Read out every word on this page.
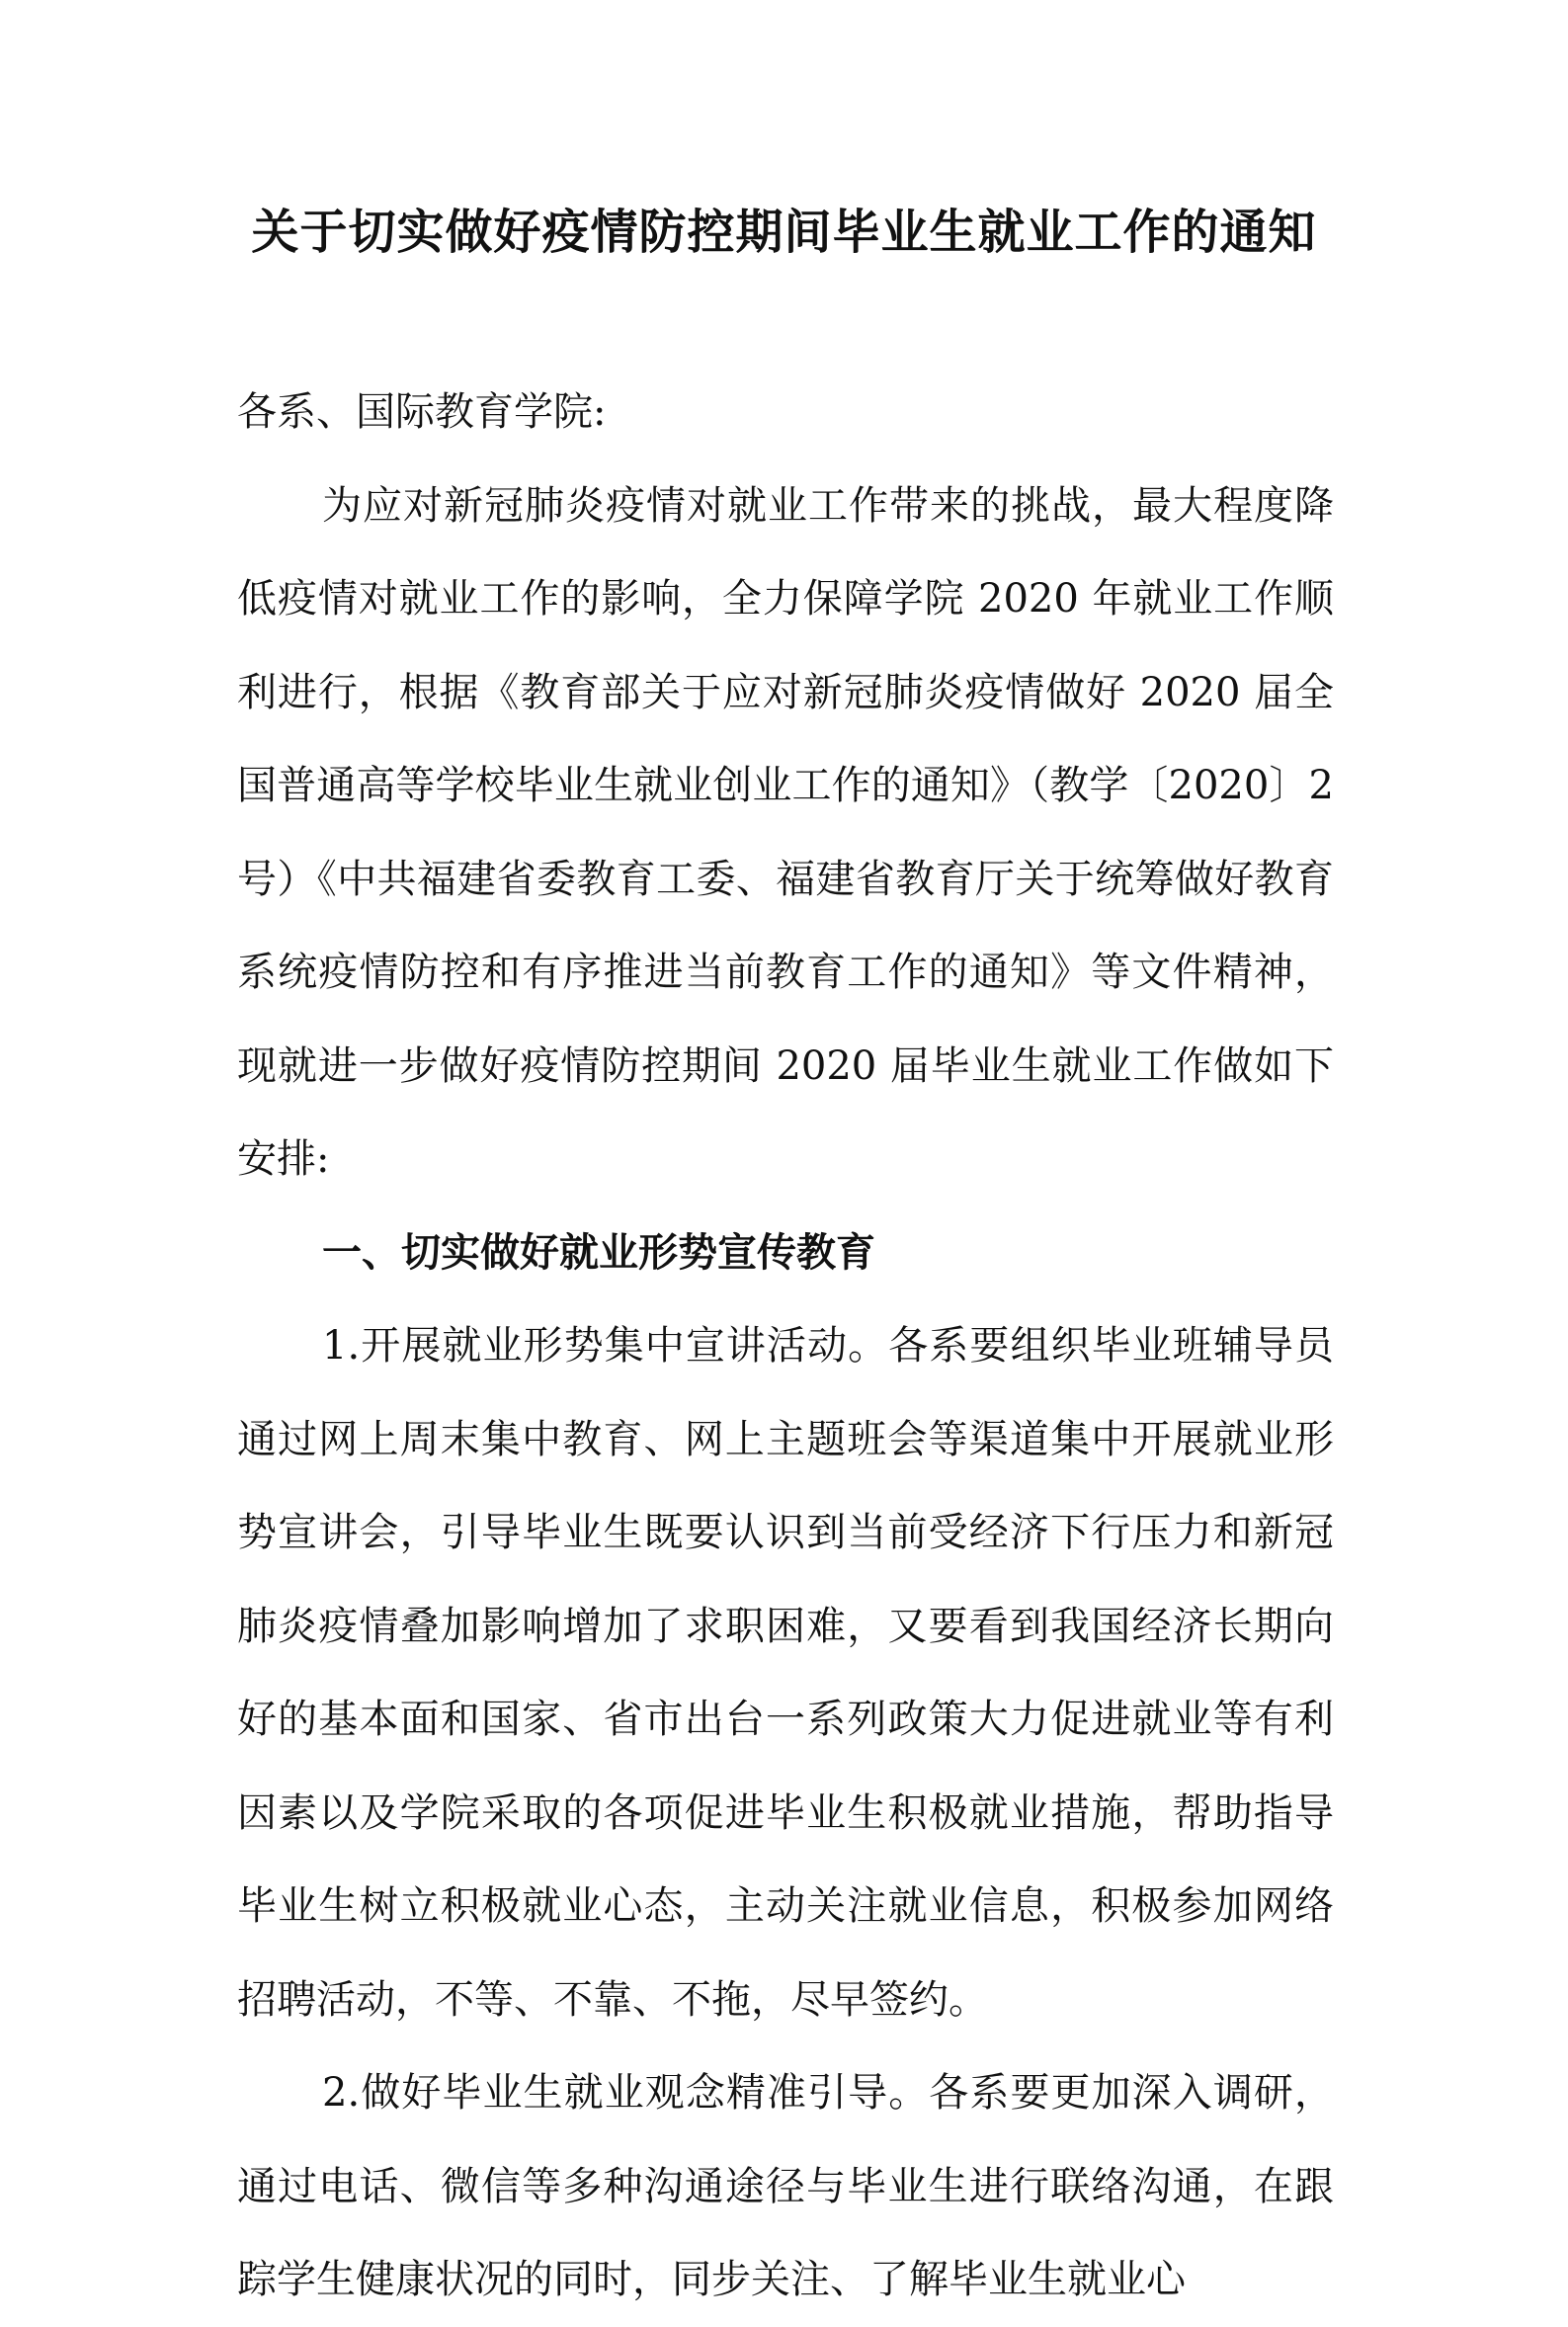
关于切实做好疫情防控期间毕业生就业工作的通知

各系、国际教育学院:

为应对新冠肺炎疫情对就业工作带来的挑战，最大程度降低疫情对就业工作的影响，全力保障学院 2020 年就业工作顺利进行，根据《教育部关于应对新冠肺炎疫情做好 2020 届全国普通高等学校毕业生就业创业工作的通知》（教学〔2020〕2 号）《中共福建省委教育工委、福建省教育厅关于统筹做好教育系统疫情防控和有序推进当前教育工作的通知》等文件精神，现就进一步做好疫情防控期间 2020 届毕业生就业工作做如下安排:

一、切实做好就业形势宣传教育

1.开展就业形势集中宣讲活动。各系要组织毕业班辅导员通过网上周末集中教育、网上主题班会等渠道集中开展就业形势宣讲会，引导毕业生既要认识到当前受经济下行压力和新冠肺炎疫情叠加影响增加了求职困难，又要看到我国经济长期向好的基本面和国家、省市出台一系列政策大力促进就业等有利因素以及学院采取的各项促进毕业生积极就业措施，帮助指导毕业生树立积极就业心态，主动关注就业信息，积极参加网络招聘活动，不等、不靠、不拖，尽早签约。

2.做好毕业生就业观念精准引导。各系要更加深入调研，通过电话、微信等多种沟通途径与毕业生进行联络沟通，在跟踪学生健康状况的同时，同步关注、了解毕业生就业心
